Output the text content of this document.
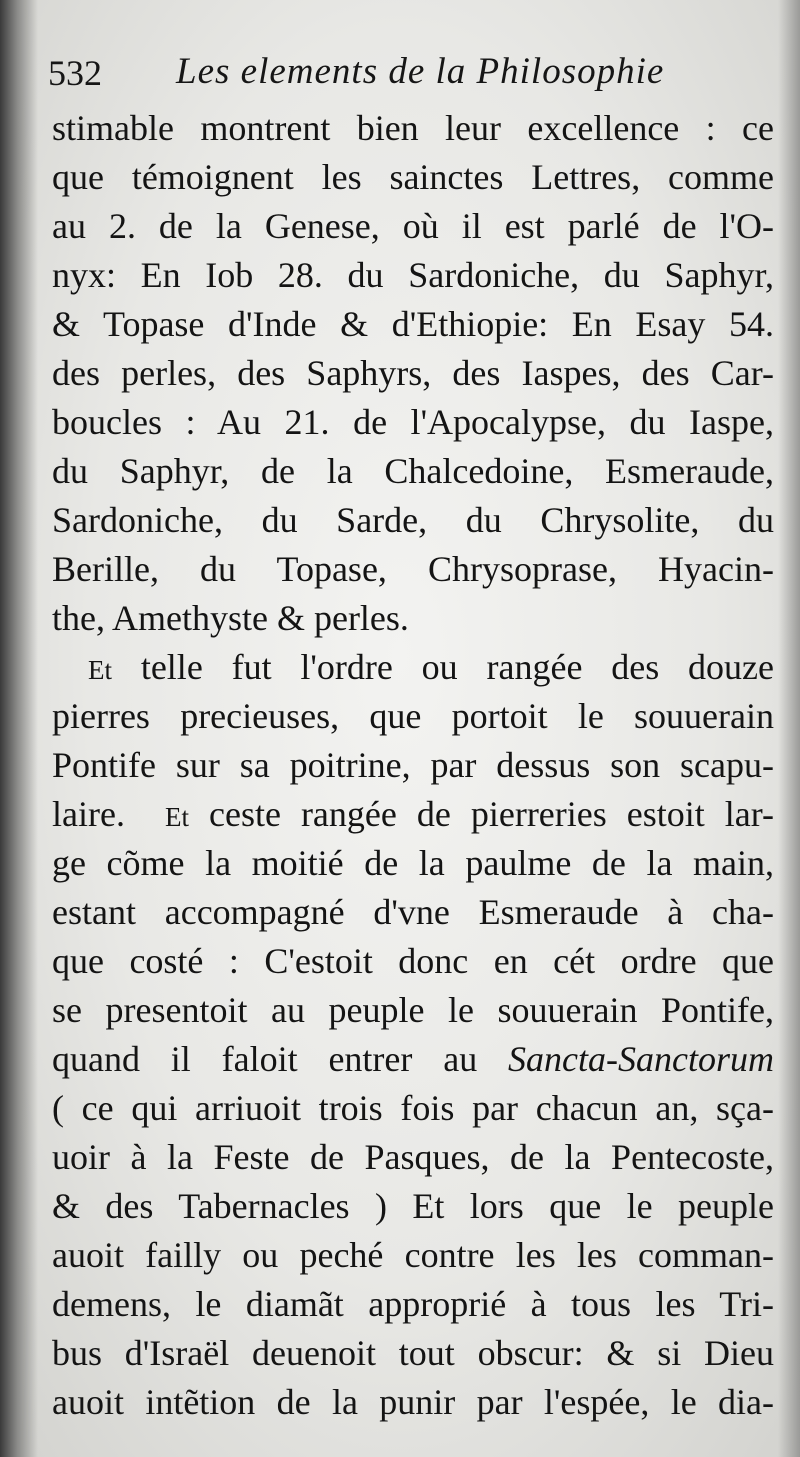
532 Les elements de la Philosophie
stimable montrent bien leur excellence : ce
que témoignent les sainctes Lettres, comme
au 2. de la Genese, où il est parlé de l'O-
nyx: En Iob 28. du Sardoniche, du Saphyr,
& Topase d'Inde & d'Ethiopie: En Esay 54.
des perles, des Saphyrs, des Iaspes, des Car-
boucles : Au 21. de l'Apocalypse, du Iaspe,
du Saphyr, de la Chalcedoine, Esmeraude,
Sardoniche, du Sarde, du Chrysolite, du
Berille, du Topase, Chrysoprase, Hyacin-
the, Amethyste & perles.
Et telle fut l'ordre ou rangée des douze
pierres precieuses, que portoit le souuerain
Pontife sur sa poitrine, par dessus son scapu-
laire. Et ceste rangée de pierreries estoit lar-
ge cõme la moitié de la paulme de la main,
estant accompagné d'vne Esmeraude à cha-
que costé : C'estoit donc en cét ordre que
se presentoit au peuple le souuerain Pontife,
quand il faloit entrer au Sancta-Sanctorum
( ce qui arriuoit trois fois par chacun an, sça-
uoir à la Feste de Pasques, de la Pentecoste,
& des Tabernacles ) Et lors que le peuple
auoit failly ou peché contre les les comman-
demens, le diamãt approprié à tous les Tri-
bus d'Israël deuenoit tout obscur: & si Dieu
auoit intẽtion de la punir par l'espée, le dia-
